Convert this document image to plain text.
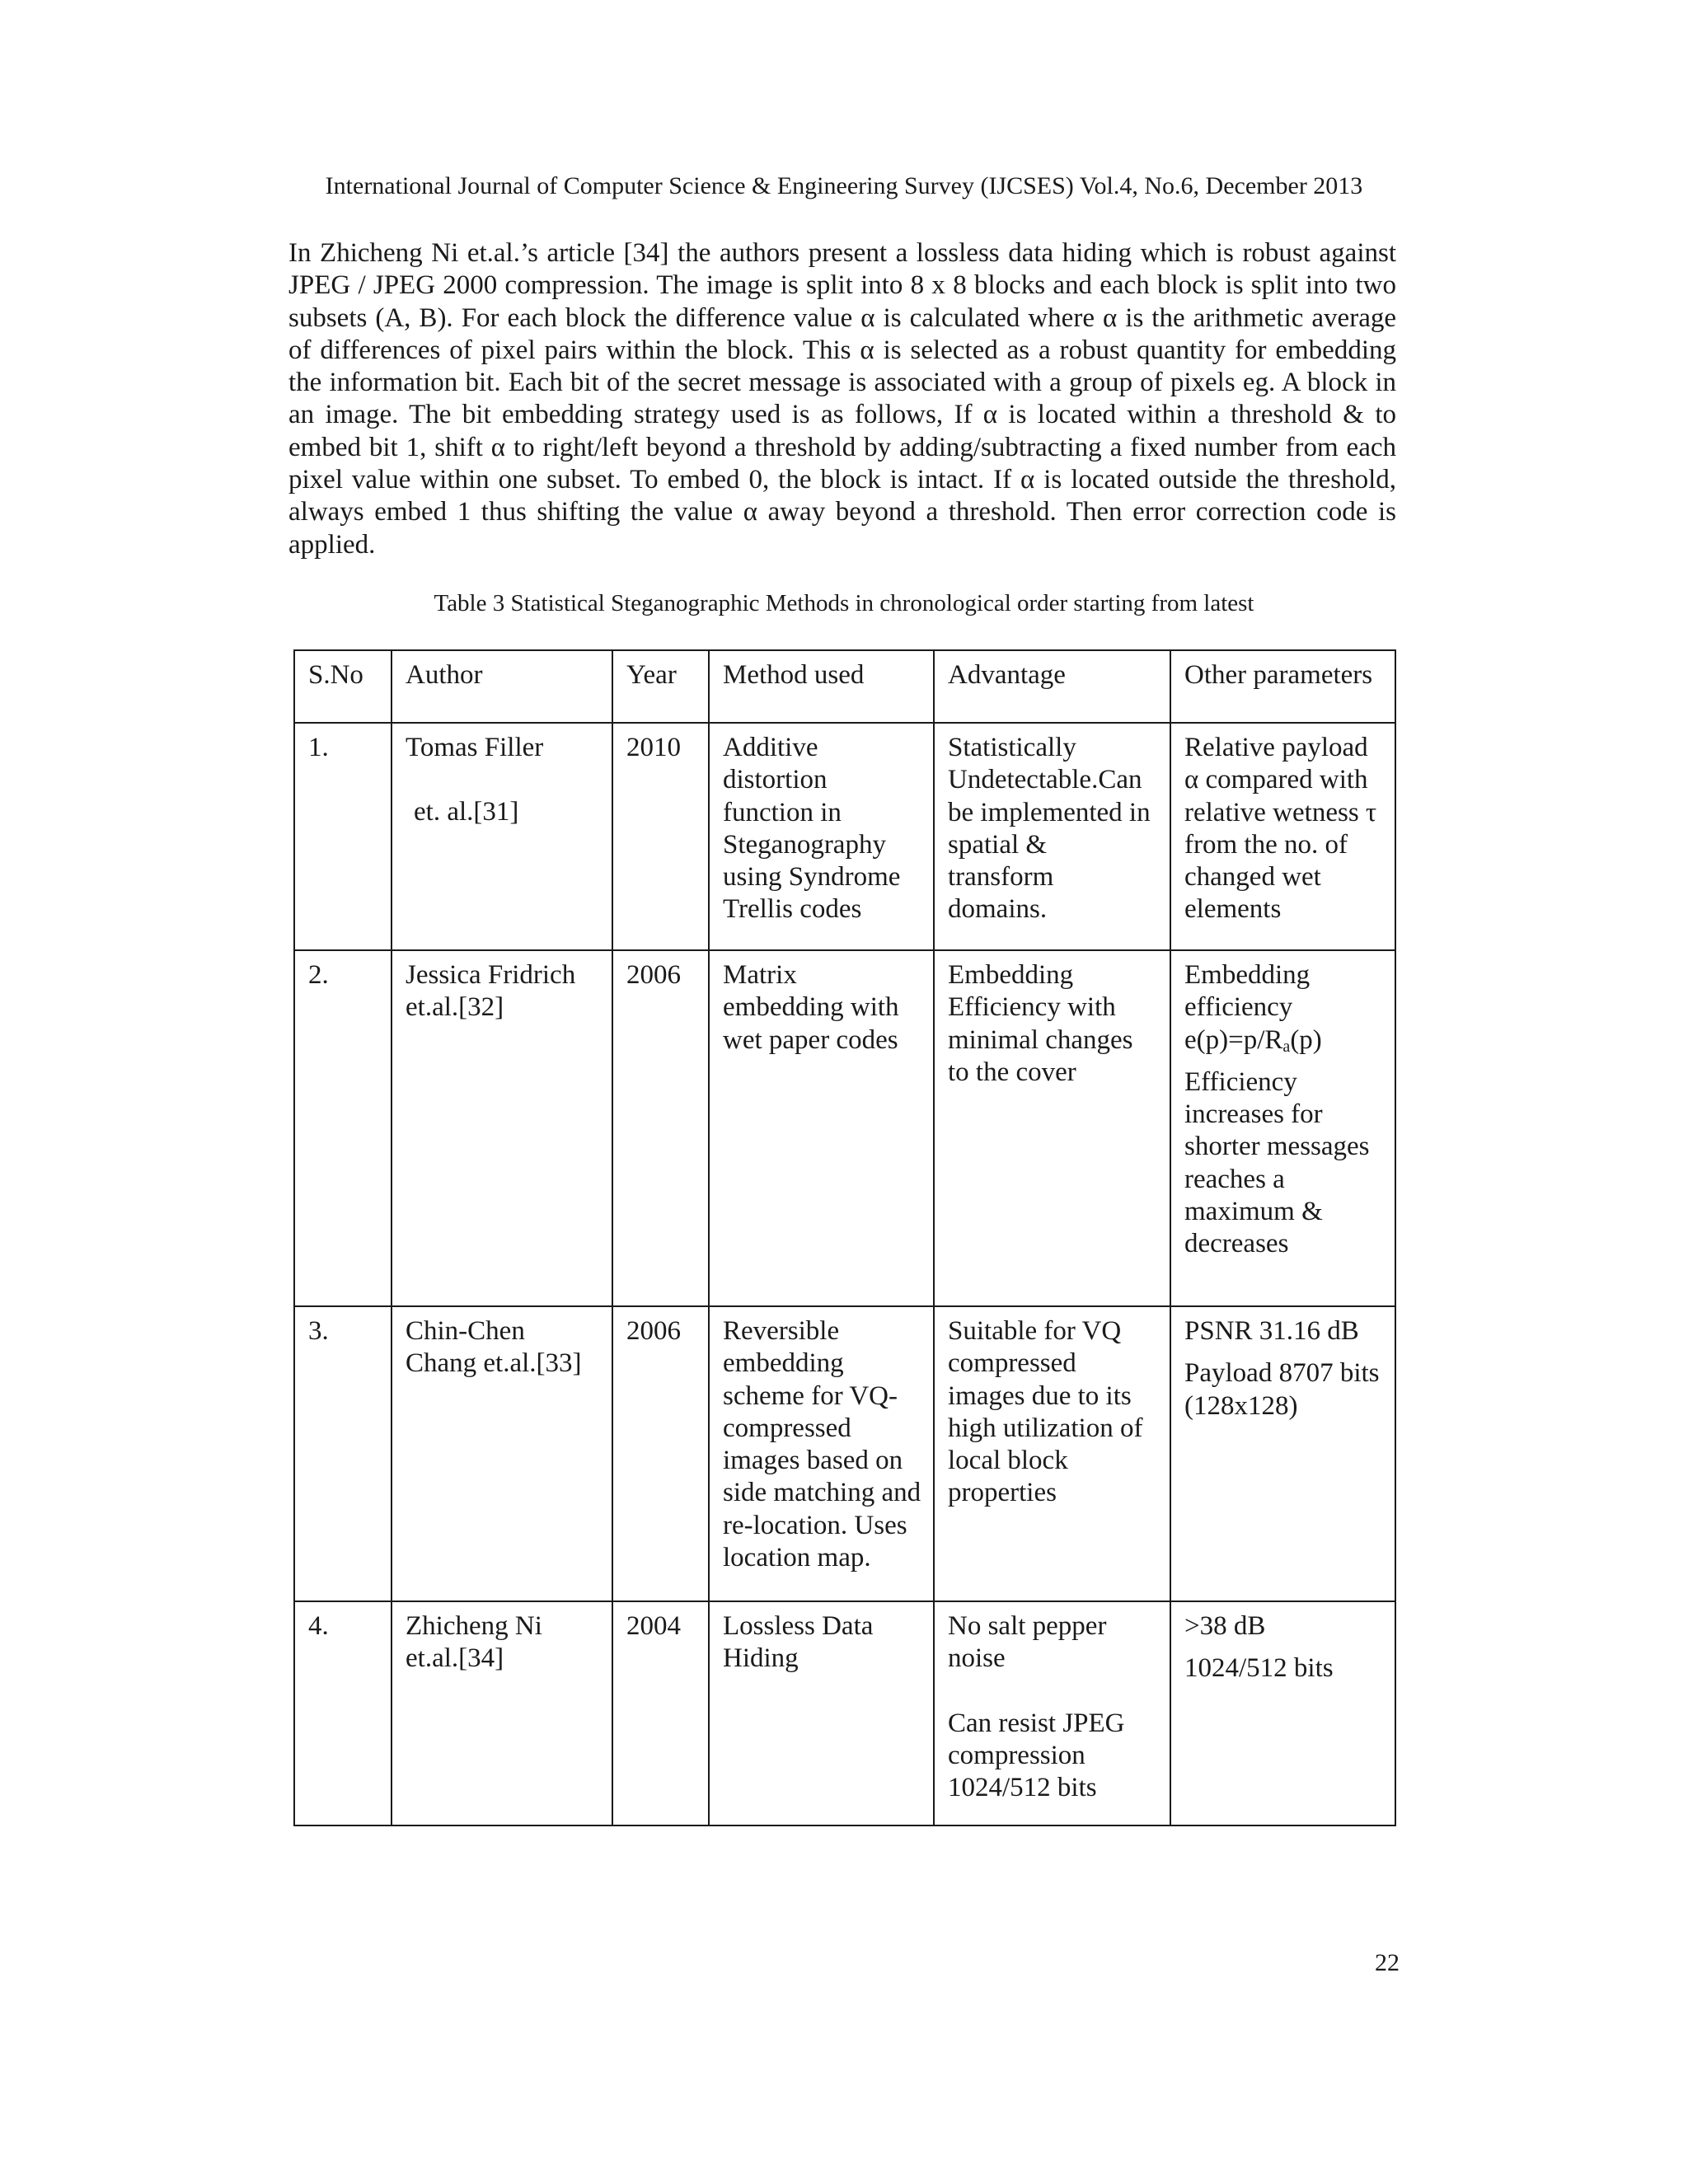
International Journal of Computer Science & Engineering Survey (IJCSES) Vol.4, No.6, December 2013

In Zhicheng Ni et.al.’s article [34] the authors present a lossless data hiding which is robust against JPEG / JPEG 2000 compression. The image is split into 8 x 8 blocks and each block is split into two subsets (A, B). For each block the difference value α is calculated where α is the arithmetic average of differences of pixel pairs within the block. This α is selected as a robust quantity for embedding the information bit. Each bit of the secret message is associated with a group of pixels eg. A block in an image. The bit embedding strategy used is as follows, If α is located within a threshold & to embed bit 1, shift α to right/left beyond a threshold by adding/subtracting a fixed number from each pixel value within one subset. To embed 0, the block is intact. If α is located outside the threshold, always embed 1 thus shifting the value α away beyond a threshold. Then error correction code is applied.

Table 3 Statistical Steganographic Methods in chronological order starting from latest
S.No	Author	Year	Method used	Advantage	Other parameters
1.	Tomas Filler
et. al.[31]	2010	Additive distortion function in Steganography using Syndrome Trellis codes	Statistically Undetectable.Can be implemented in spatial & transform domains.	Relative payload α compared with relative wetness τ from the no. of changed wet elements
2.	Jessica Fridrich et.al.[32]	2006	Matrix embedding with wet paper codes	Embedding Efficiency with minimal changes to the cover	Embedding efficiency
$e(p)=p/R_a(p)$
Efficiency increases for shorter messages reaches a maximum & decreases

3.	Chin-Chen Chang et.al.[33]	2006	Reversible embedding scheme for VQ-compressed images based on side matching and re-location. Uses location map.	Suitable for VQ compressed images due to its high utilization of local block properties	PSNR 31.16 dB
Payload 8707 bits
(128x128)

4.	Zhicheng Ni et.al.[34]	2004	Lossless Data Hiding	No salt pepper noise
Can resist JPEG compression 1024/512 bits	>38 dB
1024/512 bits
22
